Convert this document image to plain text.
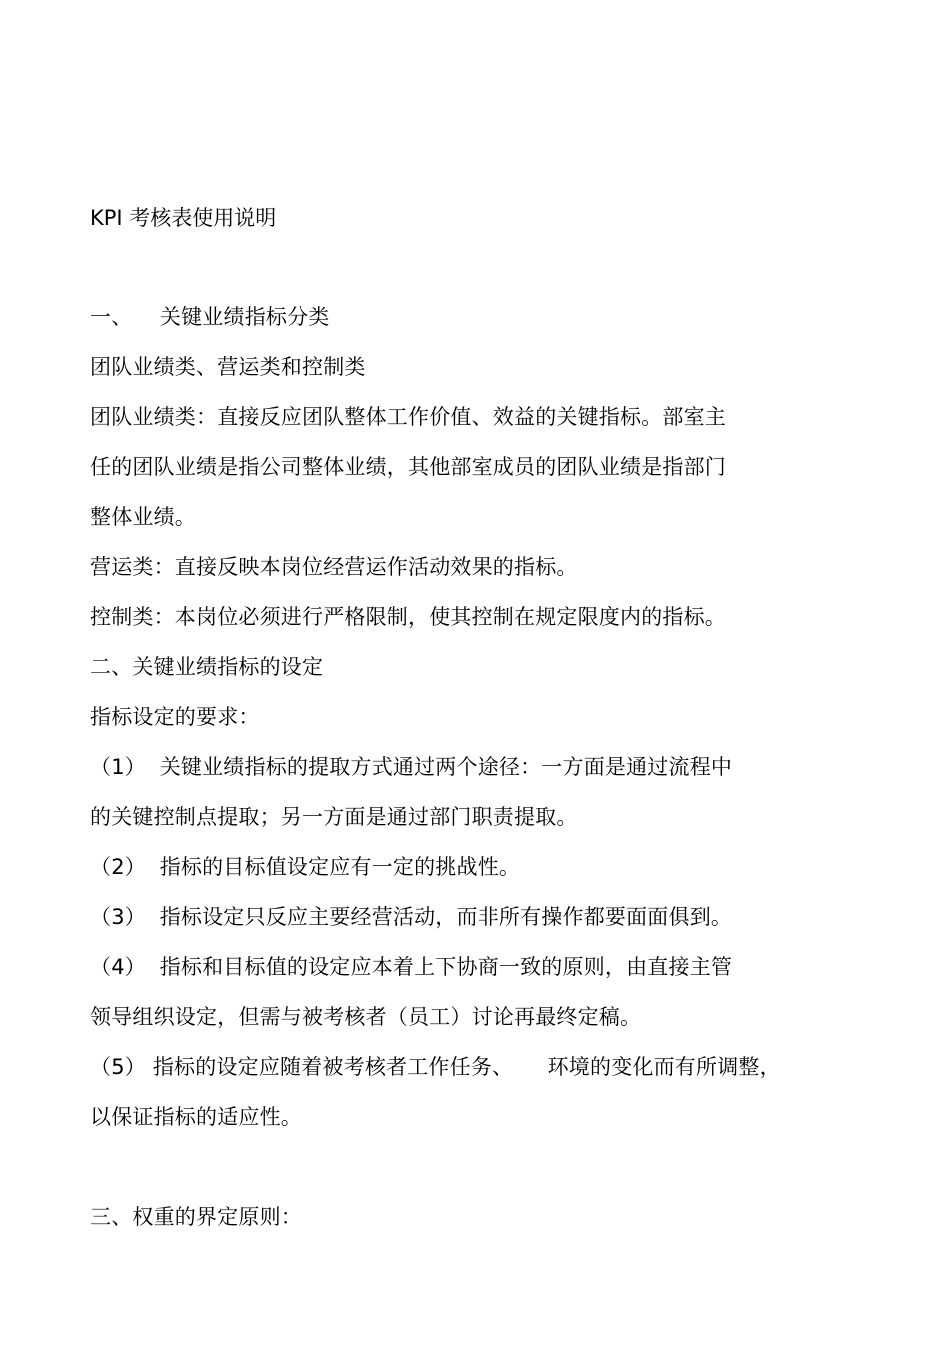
KPI 考核表使用说明
一、    关键业绩指标分类
团队业绩类、营运类和控制类
团队业绩类：直接反应团队整体工作价值、效益的关键指标。部室主
任的团队业绩是指公司整体业绩，其他部室成员的团队业绩是指部门
整体业绩。
营运类：直接反映本岗位经营运作活动效果的指标。
控制类：本岗位必须进行严格限制，使其控制在规定限度内的指标。
二、关键业绩指标的设定
指标设定的要求：
（1）  关键业绩指标的提取方式通过两个途径：一方面是通过流程中
的关键控制点提取；另一方面是通过部门职责提取。
（2）  指标的目标值设定应有一定的挑战性。
（3）  指标设定只反应主要经营活动，而非所有操作都要面面俱到。
（4）  指标和目标值的设定应本着上下协商一致的原则，由直接主管
领导组织设定，但需与被考核者（员工）讨论再最终定稿。
（5） 指标的设定应随着被考核者工作任务、     环境的变化而有所调整，
以保证指标的适应性。
三、权重的界定原则：
